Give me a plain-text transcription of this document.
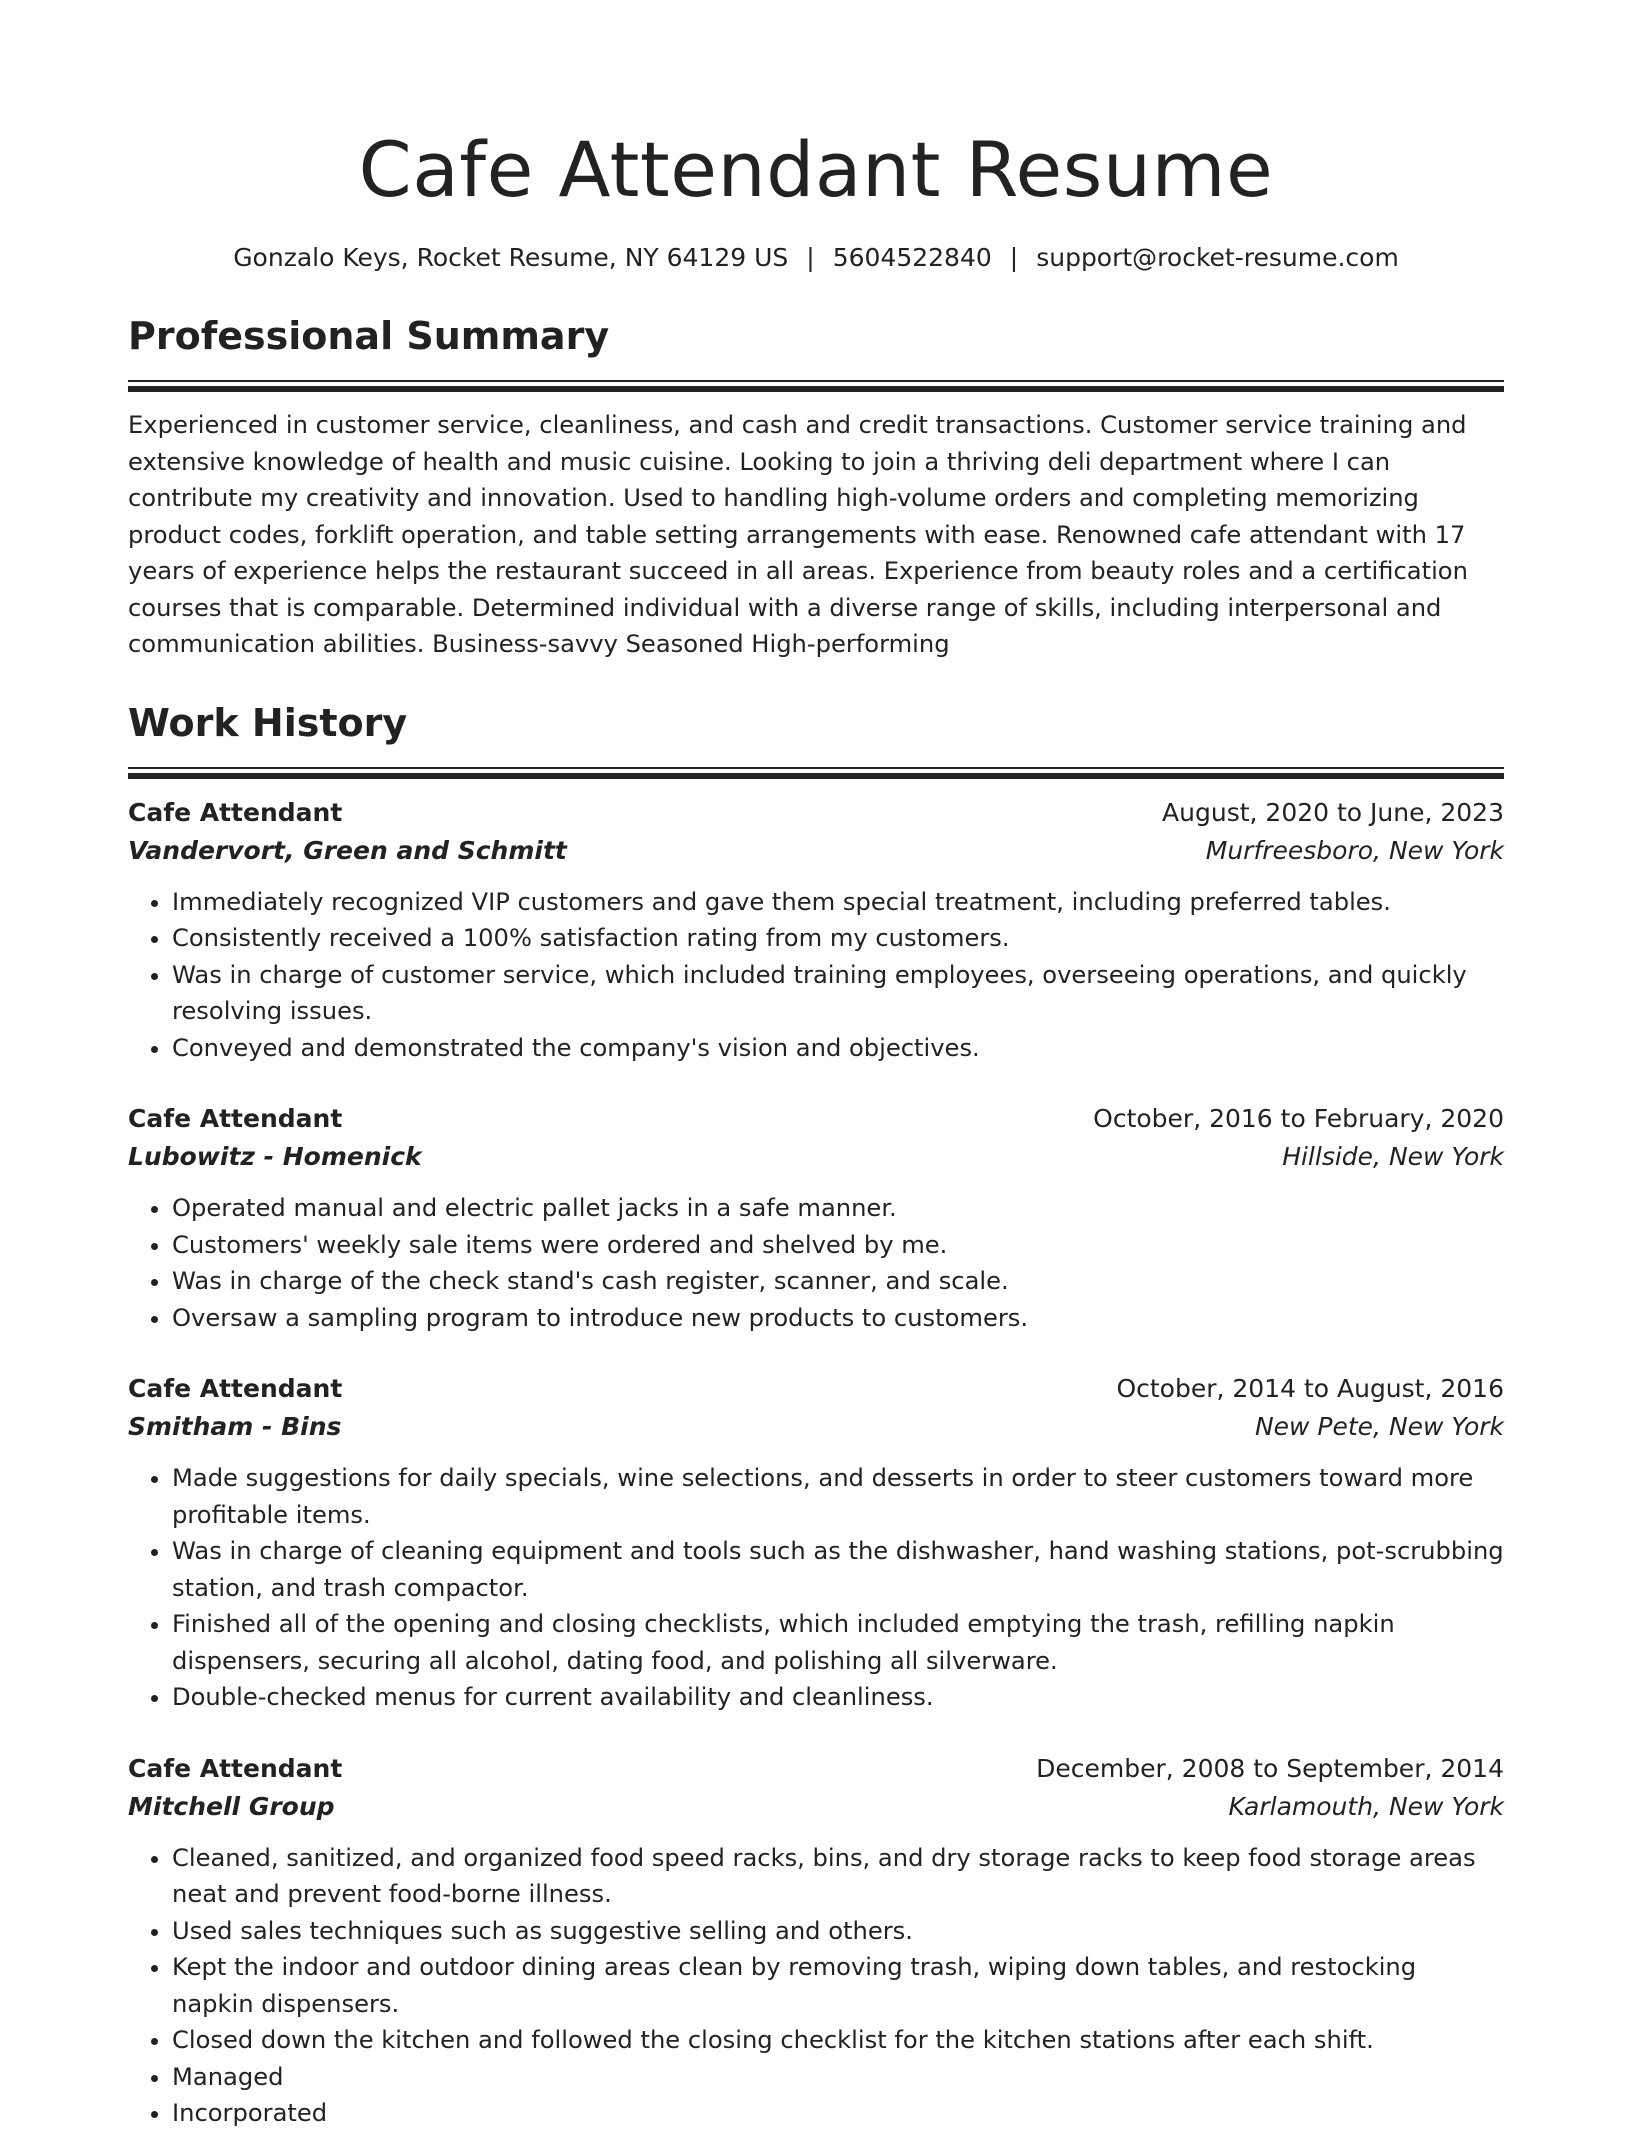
Cafe Attendant Resume
Gonzalo Keys, Rocket Resume, NY 64129 US | 5604522840 | support@rocket-resume.com
Professional Summary
Experienced in customer service, cleanliness, and cash and credit transactions. Customer service training and extensive knowledge of health and music cuisine. Looking to join a thriving deli department where I can contribute my creativity and innovation. Used to handling high-volume orders and completing memorizing product codes, forklift operation, and table setting arrangements with ease. Renowned cafe attendant with 17 years of experience helps the restaurant succeed in all areas. Experience from beauty roles and a certification courses that is comparable. Determined individual with a diverse range of skills, including interpersonal and communication abilities. Business-savvy Seasoned High-performing
Work History
Cafe Attendant	August, 2020 to June, 2023
Vandervort, Green and Schmitt	Murfreesboro, New York
• Immediately recognized VIP customers and gave them special treatment, including preferred tables.
• Consistently received a 100% satisfaction rating from my customers.
• Was in charge of customer service, which included training employees, overseeing operations, and quickly resolving issues.
• Conveyed and demonstrated the company's vision and objectives.
Cafe Attendant	October, 2016 to February, 2020
Lubowitz - Homenick	Hillside, New York
• Operated manual and electric pallet jacks in a safe manner.
• Customers' weekly sale items were ordered and shelved by me.
• Was in charge of the check stand's cash register, scanner, and scale.
• Oversaw a sampling program to introduce new products to customers.
Cafe Attendant	October, 2014 to August, 2016
Smitham - Bins	New Pete, New York
• Made suggestions for daily specials, wine selections, and desserts in order to steer customers toward more profitable items.
• Was in charge of cleaning equipment and tools such as the dishwasher, hand washing stations, pot-scrubbing station, and trash compactor.
• Finished all of the opening and closing checklists, which included emptying the trash, refilling napkin dispensers, securing all alcohol, dating food, and polishing all silverware.
• Double-checked menus for current availability and cleanliness.
Cafe Attendant	December, 2008 to September, 2014
Mitchell Group	Karlamouth, New York
• Cleaned, sanitized, and organized food speed racks, bins, and dry storage racks to keep food storage areas neat and prevent food-borne illness.
• Used sales techniques such as suggestive selling and others.
• Kept the indoor and outdoor dining areas clean by removing trash, wiping down tables, and restocking napkin dispensers.
• Closed down the kitchen and followed the closing checklist for the kitchen stations after each shift.
• Managed
• Incorporated
